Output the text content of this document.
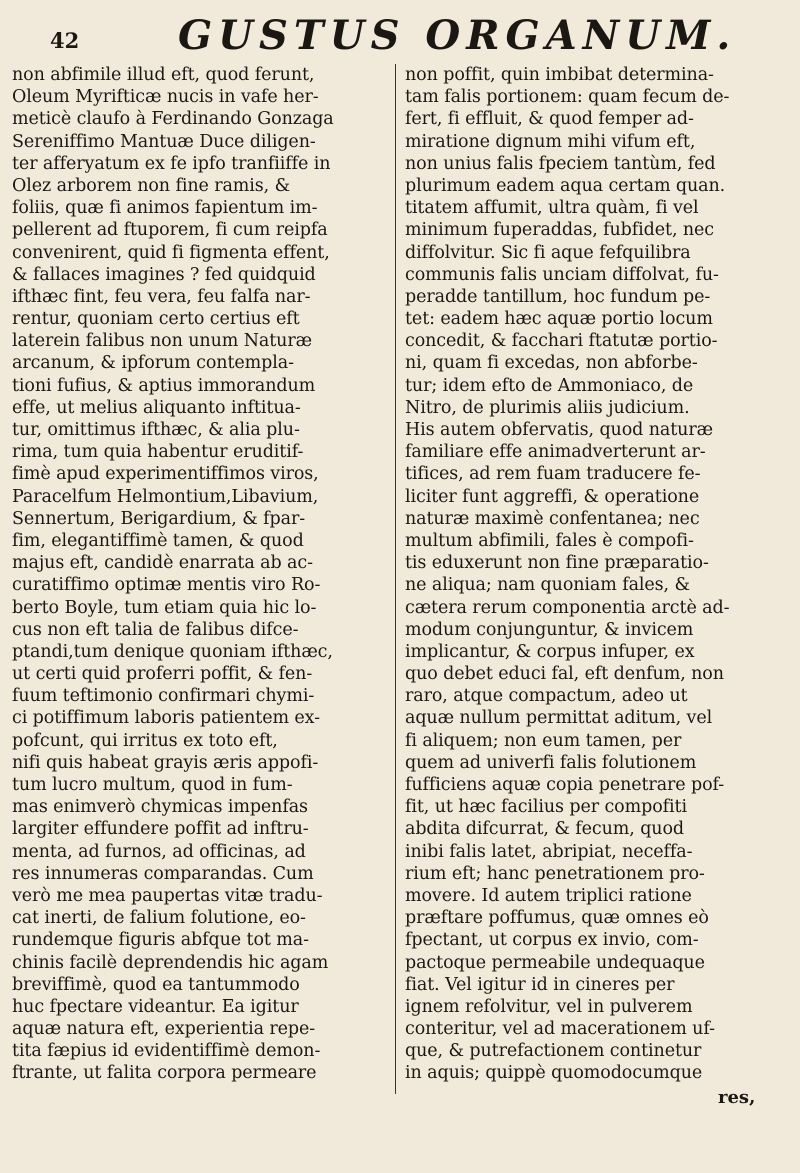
42 GUSTUS ORGANUM.
non abfimile illud eft, quod ferunt,
Oleum Myrifticæ nucis in vafe her-
meticè claufo à Ferdinando Gonzaga
Sereniffimo Mantuæ Duce diligen-
ter afferyatum ex fe ipfo tranfiiffe in
Olez arborem non fine ramis, &
foliis, quæ fi animos fapientum im-
pellerent ad ftuporem, fi cum reipfa
convenirent, quid fi figmenta effent,
& fallaces imagines ? fed quidquid
ifthæc fint, feu vera, feu falfa nar-
rentur, quoniam certo certius eft
laterein falibus non unum Naturæ
arcanum, & ipforum contempla-
tioni fufius, & aptius immorandum
effe, ut melius aliquanto inftitua-
tur, omittimus ifthæc, & alia plu-
rima, tum quia habentur eruditif-
fimè apud experimentiffimos viros,
Paracelfum Helmontium,Libavium,
Sennertum, Berigardium, & fpar-
fim, elegantiffimè tamen, & quod
majus eft, candidè enarrata ab ac-
curatiffimo optimæ mentis viro Ro-
berto Boyle, tum etiam quia hic lo-
cus non eft talia de falibus difce-
ptandi,tum denique quoniam ifthæc,
ut certi quid proferri poffit, & fen-
fuum teftimonio confirmari chymi-
ci potiffimum laboris patientem ex-
pofcunt, qui irritus ex toto eft,
nifi quis habeat grayis æris appofi-
tum lucro multum, quod in fum-
mas enimverò chymicas impenfas
largiter effundere poffit ad inftru-
menta, ad furnos, ad officinas, ad
res innumeras comparandas. Cum
verò me mea paupertas vitæ tradu-
cat inerti, de falium folutione, eo-
rundemque figuris abfque tot ma-
chinis facilè deprendendis hic agam
breviffimè, quod ea tantummodo
huc fpectare videantur. Ea igitur
aquæ natura eft, experientia repe-
tita fæpius id evidentiffimè demon-
ftrante, ut falita corpora permeare
non poffit, quin imbibat determina-
tam falis portionem: quam fecum de-
fert, fi effluit, & quod femper ad-
miratione dignum mihi vifum eft,
non unius falis fpeciem tantùm, fed
plurimum eadem aqua certam quan.
titatem affumit, ultra quàm, fi vel
minimum fuperaddas, fubfidet, nec
diffolvitur. Sic fi aque fefquilibra
communis falis unciam diffolvat, fu-
peradde tantillum, hoc fundum pe-
tet: eadem hæc aquæ portio locum
concedit, & facchari ftatutæ portio-
ni, quam fi excedas, non abforbe-
tur; idem efto de Ammoniaco, de
Nitro, de plurimis aliis judicium.
His autem obfervatis, quod naturæ
familiare effe animadverterunt ar-
tifices, ad rem fuam traducere fe-
liciter funt aggreffi, & operatione
naturæ maximè confentanea; nec
multum abfimili, fales è compofi-
tis eduxerunt non fine præparatio-
ne aliqua; nam quoniam fales, &
cætera rerum componentia arctè ad-
modum conjunguntur, & invicem
implicantur, & corpus infuper, ex
quo debet educi fal, eft denfum, non
raro, atque compactum, adeo ut
aquæ nullum permittat aditum, vel
fi aliquem; non eum tamen, per
quem ad univerfi falis folutionem
fufficiens aquæ copia penetrare pof-
fit, ut hæc facilius per compofiti
abdita difcurrat, & fecum, quod
inibi falis latet, abripiat, neceffa-
rium eft; hanc penetrationem pro-
movere. Id autem triplici ratione
præftare poffumus, quæ omnes eò
fpectant, ut corpus ex invio, com-
pactoque permeabile undequaque
fiat. Vel igitur id in cineres per
ignem refolvitur, vel in pulverem
conteritur, vel ad macerationem uf-
que, & putrefactionem continetur
in aquis; quippè quomodocumque
res,
